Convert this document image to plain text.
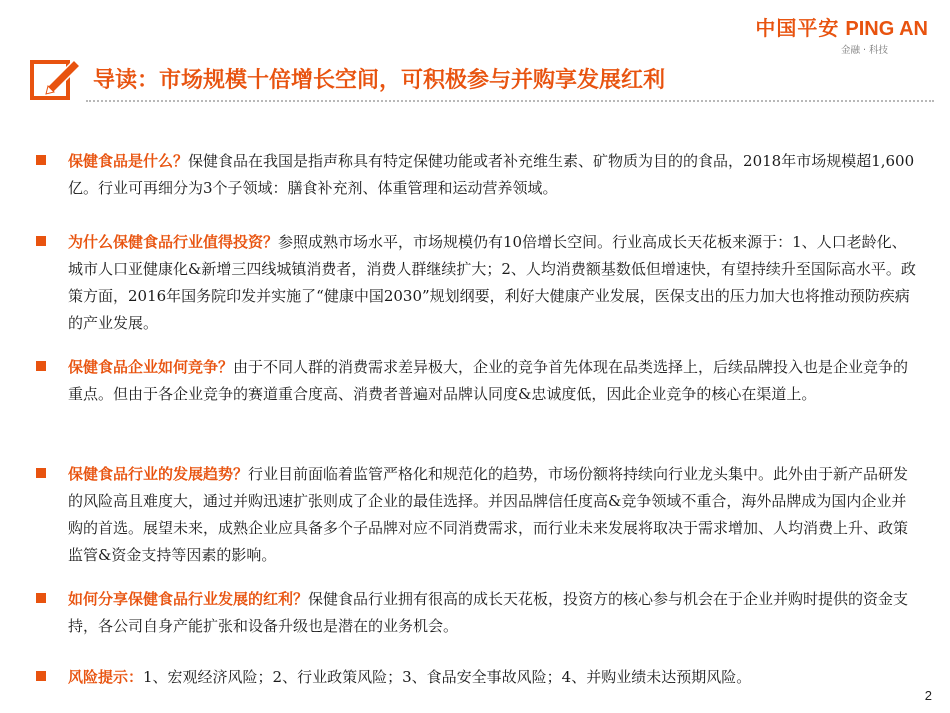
中国平安 PING AN
金融 · 科技
导读：市场规模十倍增长空间，可积极参与并购享发展红利
保健食品是什么？保健食品在我国是指声称具有特定保健功能或者补充维生素、矿物质为目的的食品，2018年市场规模超1,600亿。行业可再细分为3个子领域：膳食补充剂、体重管理和运动营养领域。
为什么保健食品行业值得投资？参照成熟市场水平，市场规模仍有10倍增长空间。行业高成长天花板来源于：1、人口老龄化、城市人口亚健康化&新增三四线城镇消费者，消费人群继续扩大；2、人均消费额基数低但增速快，有望持续升至国际高水平。政策方面，2016年国务院印发并实施了“健康中国2030”规划纲要，利好大健康产业发展，医保支出的压力加大也将推动预防疾病的产业发展。
保健食品企业如何竞争？由于不同人群的消费需求差异极大，企业的竞争首先体现在品类选择上，后续品牌投入也是企业竞争的重点。但由于各企业竞争的赛道重合度高、消费者普遍对品牌认同度&忠诚度低，因此企业竞争的核心在渠道上。
保健食品行业的发展趋势？行业目前面临着监管严格化和规范化的趋势，市场份额将持续向行业龙头集中。此外由于新产品研发的风险高且难度大，通过并购迅速扩张则成了企业的最佳选择。并因品牌信任度高&竞争领域不重合，海外品牌成为国内企业并购的首选。展望未来，成熟企业应具备多个子品牌对应不同消费需求，而行业未来发展将取决于需求增加、人均消费上升、政策监管&资金支持等因素的影响。
如何分享保健食品行业发展的红利？保健食品行业拥有很高的成长天花板，投资方的核心参与机会在于企业并购时提供的资金支持，各公司自身产能扩张和设备升级也是潜在的业务机会。
风险提示：1、宏观经济风险；2、行业政策风险；3、食品安全事故风险；4、并购业绩未达预期风险。
2
